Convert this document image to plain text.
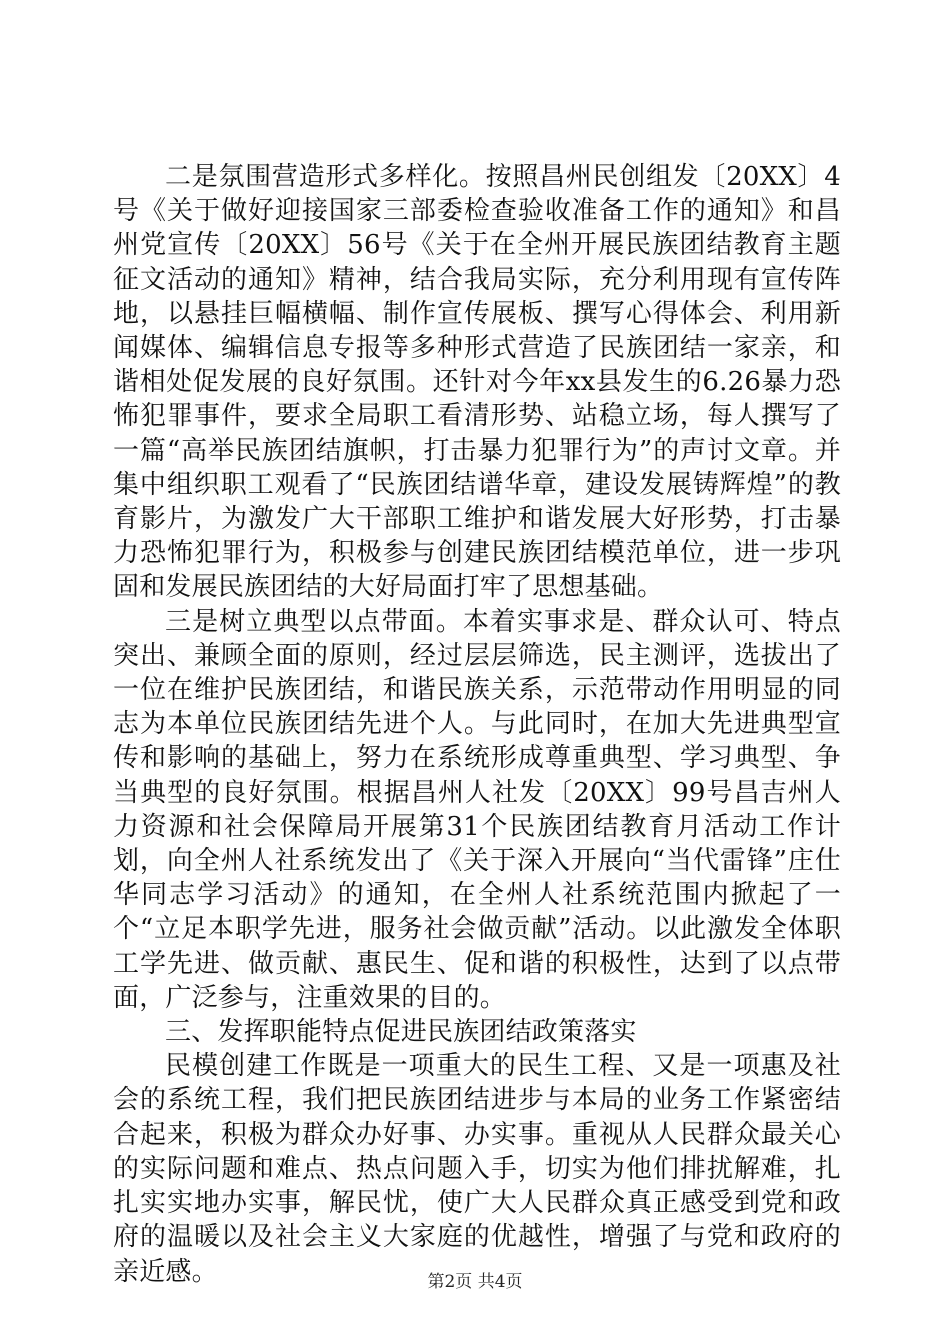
二是氛围营造形式多样化。按照昌州民创组发〔20XX〕4号《关于做好迎接国家三部委检查验收准备工作的通知》和昌州党宣传〔20XX〕56号《关于在全州开展民族团结教育主题征文活动的通知》精神，结合我局实际，充分利用现有宣传阵地，以悬挂巨幅横幅、制作宣传展板、撰写心得体会、利用新闻媒体、编辑信息专报等多种形式营造了民族团结一家亲，和谐相处促发展的良好氛围。还针对今年xx县发生的6.26暴力恐怖犯罪事件，要求全局职工看清形势、站稳立场，每人撰写了一篇“高举民族团结旗帜，打击暴力犯罪行为”的声讨文章。并集中组织职工观看了“民族团结谱华章，建设发展铸辉煌”的教育影片，为激发广大干部职工维护和谐发展大好形势，打击暴力恐怖犯罪行为，积极参与创建民族团结模范单位，进一步巩固和发展民族团结的大好局面打牢了思想基础。

三是树立典型以点带面。本着实事求是、群众认可、特点突出、兼顾全面的原则，经过层层筛选，民主测评，选拔出了一位在维护民族团结，和谐民族关系，示范带动作用明显的同志为本单位民族团结先进个人。与此同时，在加大先进典型宣传和影响的基础上，努力在系统形成尊重典型、学习典型、争当典型的良好氛围。根据昌州人社发〔20XX〕99号昌吉州人力资源和社会保障局开展第31个民族团结教育月活动工作计划，向全州人社系统发出了《关于深入开展向“当代雷锋”庄仕华同志学习活动》的通知，在全州人社系统范围内掀起了一个“立足本职学先进，服务社会做贡献”活动。以此激发全体职工学先进、做贡献、惠民生、促和谐的积极性，达到了以点带面，广泛参与，注重效果的目的。

三、发挥职能特点促进民族团结政策落实

民模创建工作既是一项重大的民生工程、又是一项惠及社会的系统工程，我们把民族团结进步与本局的业务工作紧密结合起来，积极为群众办好事、办实事。重视从人民群众最关心的实际问题和难点、热点问题入手，切实为他们排扰解难，扎扎实实地办实事，解民忧，使广大人民群众真正感受到党和政府的温暖以及社会主义大家庭的优越性，增强了与党和政府的亲近感。	第2页 共4页
